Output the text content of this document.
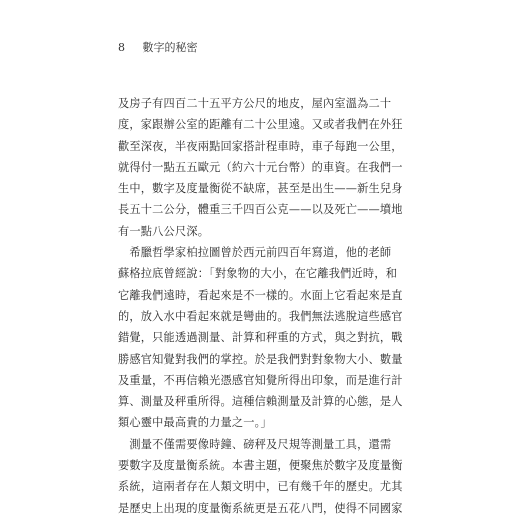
8 數字的秘密
及房子有四百二十五平方公尺的地皮，屋內室溫為二十
度，家跟辦公室的距離有二十公里遠。又或者我們在外狂
歡至深夜，半夜兩點回家搭計程車時，車子每跑一公里，
就得付一點五五歐元（約六十元台幣）的車資。在我們一
生中，數字及度量衡從不缺席，甚至是出生——新生兒身
長五十二公分，體重三千四百公克——以及死亡——墳地
有一點八公尺深。
　希臘哲學家柏拉圖曾於西元前四百年寫道，他的老師
蘇格拉底曾經說：「對象物的大小，在它離我們近時，和
它離我們遠時，看起來是不一樣的。水面上它看起來是直
的，放入水中看起來就是彎曲的。我們無法逃脫這些感官
錯覺，只能透過測量、計算和秤重的方式，與之對抗，戰
勝感官知覺對我們的掌控。於是我們對對象物大小、數量
及重量，不再信賴光憑感官知覺所得出印象，而是進行計
算、測量及秤重所得。這種信賴測量及計算的心態，是人
類心靈中最高貴的力量之一。」
　測量不僅需要像時鐘、磅秤及尺規等測量工具，還需
要數字及度量衡系統。本書主題，便聚焦於數字及度量衡
系統，這兩者存在人類文明中，已有幾千年的歷史。尤其
是歷史上出現的度量衡系統更是五花八門，使得不同國家
